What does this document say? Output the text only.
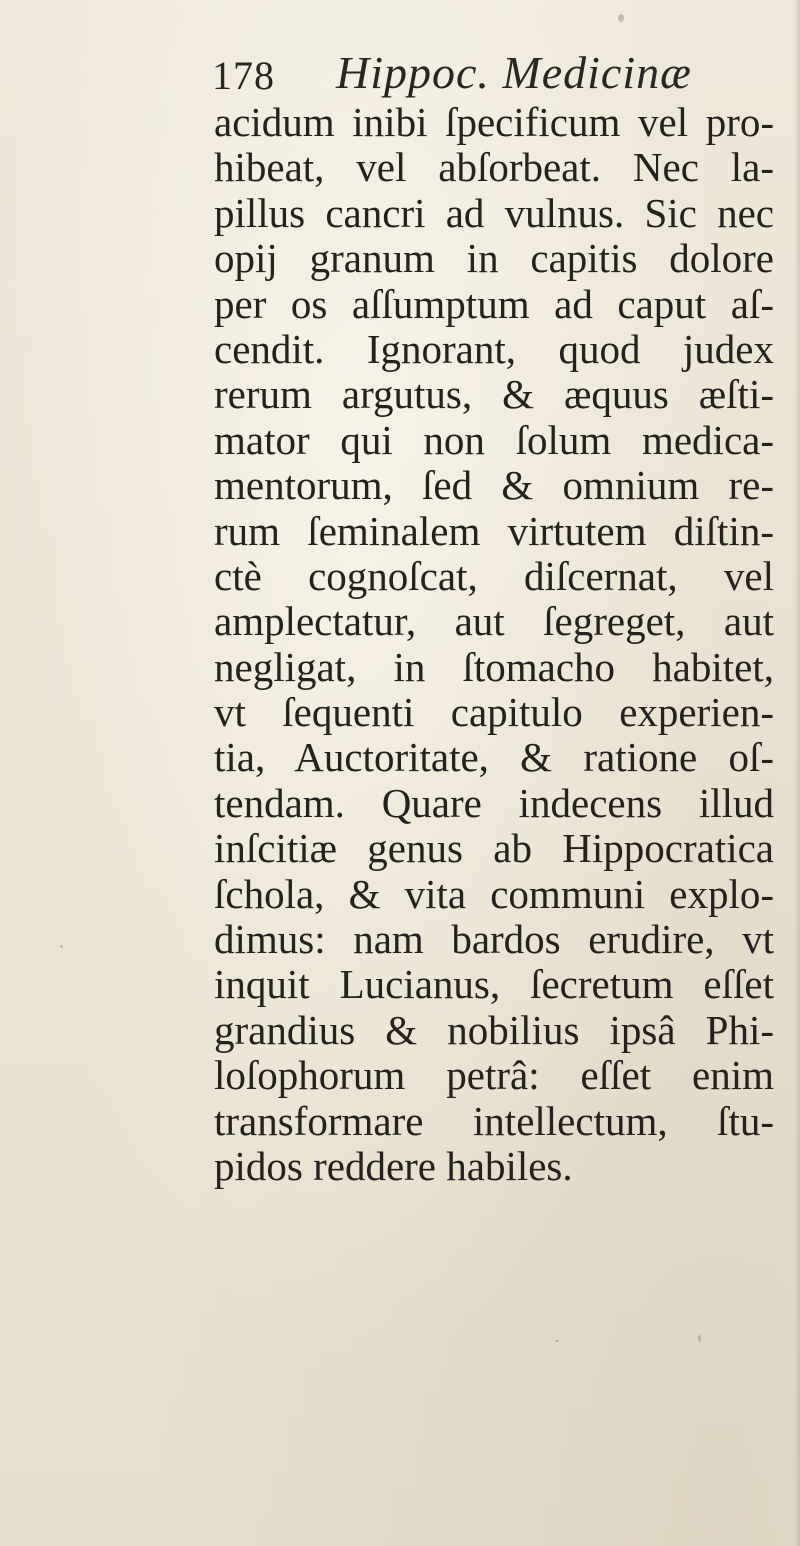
178 Hippoc. Medicinæ
acidum inibi ſpecificum vel pro-
hibeat, vel abſorbeat. Nec la-
pillus cancri ad vulnus. Sic nec
opij granum in capitis dolore
per os aſſumptum ad caput aſ-
cendit. Ignorant, quod judex
rerum argutus, & æquus æſti-
mator qui non ſolum medica-
mentorum, ſed & omnium re-
rum ſeminalem virtutem diſtin-
ctè cognoſcat, diſcernat, vel
amplectatur, aut ſegreget, aut
negligat, in ſtomacho habitet,
vt ſequenti capitulo experien-
tia, Auctoritate, & ratione oſ-
tendam. Quare indecens illud
inſcitiæ genus ab Hippocratica
ſchola, & vita communi explo-
dimus: nam bardos erudire, vt
inquit Lucianus, ſecretum eſſet
grandius & nobilius ipsâ Phi-
loſophorum petrâ: eſſet enim
transformare intellectum, ſtu-
pidos reddere habiles.
